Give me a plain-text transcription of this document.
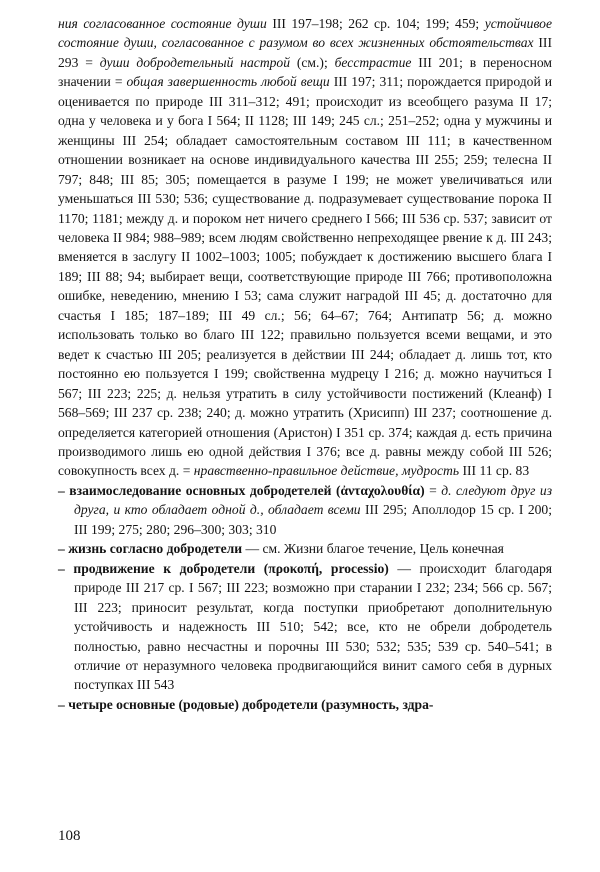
ния согласованное состояние души III 197–198; 262 ср. 104; 199; 459; устойчивое состояние души, согласованное с разумом во всех жизненных обстоятельствах III 293 = души добродетельный настрой (см.); бесстрастие III 201; в переносном значении = общая завершенность любой вещи III 197; 311; порождается природой и оценивается по природе III 311–312; 491; происходит из всеобщего разума II 17; одна у человека и у бога I 564; II 1128; III 149; 245 сл.; 251–252; одна у мужчины и женщины III 254; обладает самостоятельным составом III 111; в качественном отношении возникает на основе индивидуального качества III 255; 259; телесна II 797; 848; III 85; 305; помещается в разуме I 199; не может увеличиваться или уменьшаться III 530; 536; существование д. подразумевает существование порока II 1170; 1181; между д. и пороком нет ничего среднего I 566; III 536 ср. 537; зависит от человека II 984; 988–989; всем людям свойственно непреходящее рвение к д. III 243; вменяется в заслугу II 1002–1003; 1005; побуждает к достижению высшего блага I 189; III 88; 94; выбирает вещи, соответствующие природе III 766; противоположна ошибке, неведению, мнению I 53; сама служит наградой III 45; д. достаточно для счастья I 185; 187–189; III 49 сл.; 56; 64–67; 764; Антипатр 56; д. можно использовать только во благо III 122; правильно пользуется всеми вещами, и это ведет к счастью III 205; реализуется в действии III 244; обладает д. лишь тот, кто постоянно ею пользуется I 199; свойственна мудрецу I 216; д. можно научиться I 567; III 223; 225; д. нельзя утратить в силу устойчивости постижений (Клеанф) I 568–569; III 237 ср. 238; 240; д. можно утратить (Хрисипп) III 237; соотношение д. определяется категорией отношения (Аристон) I 351 ср. 374; каждая д. есть причина производимого лишь ею одной действия I 376; все д. равны между собой III 526; совокупность всех д. = нравственно-правильное действие, мудрость III 11 ср. 83

– взаимоследование основных добродетелей (ἀνταχολουθία) = д. следуют друг из друга, и кто обладает одной д., обладает всеми III 295; Аполлодор 15 ср. I 200; III 199; 275; 280; 296–300; 303; 310

– жизнь согласно добродетели — см. Жизни благое течение, Цель конечная

– продвижение к добродетели (προκοπή, processio) — происходит благодаря природе III 217 ср. I 567; III 223; возможно при старании I 232; 234; 566 ср. 567; III 223; приносит результат, когда поступки приобретают дополнительную устойчивость и надежность III 510; 542; все, кто не обрели добродетель полностью, равно несчастны и порочны III 530; 532; 535; 539 ср. 540–541; в отличие от неразумного человека продвигающийся винит самого себя в дурных поступках III 543

– четыре основные (родовые) добродетели (разумность, здра-

108
